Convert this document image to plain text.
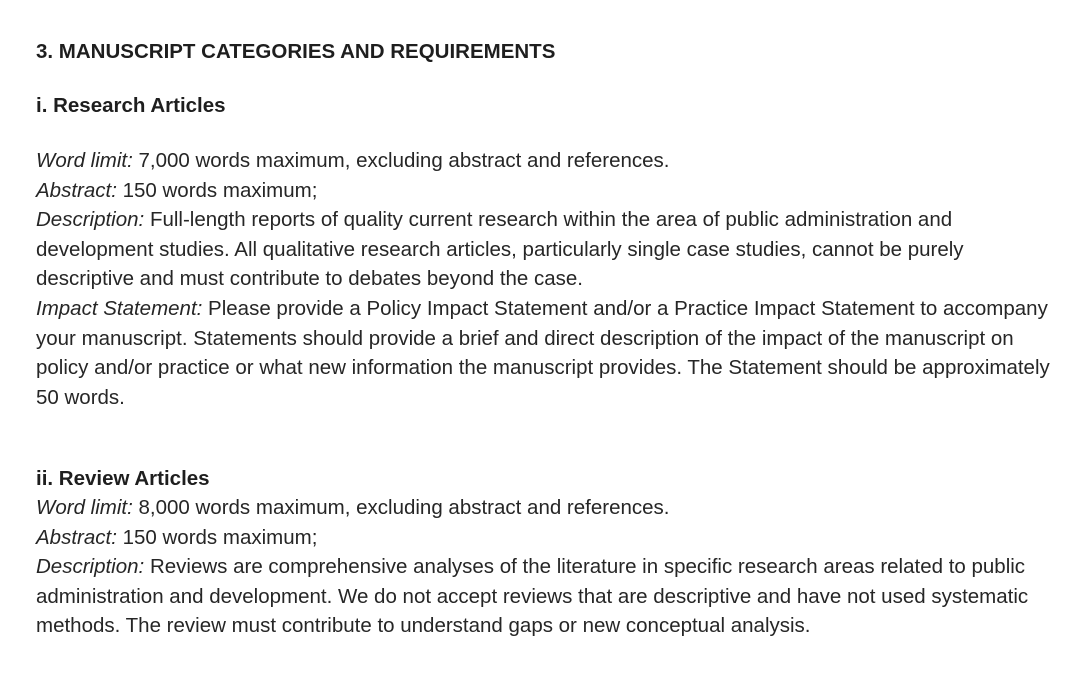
3. MANUSCRIPT CATEGORIES AND REQUIREMENTS
i. Research Articles

Word limit: 7,000 words maximum, excluding abstract and references.

Abstract: 150 words maximum;

Description: Full-length reports of quality current research within the area of public administration and development studies. All qualitative research articles, particularly single case studies, cannot be purely descriptive and must contribute to debates beyond the case.

Impact Statement: Please provide a Policy Impact Statement and/or a Practice Impact Statement to accompany your manuscript. Statements should provide a brief and direct description of the impact of the manuscript on policy and/or practice or what new information the manuscript provides. The Statement should be approximately 50 words.

ii. Review Articles

Word limit: 8,000 words maximum, excluding abstract and references.

Abstract: 150 words maximum;

Description: Reviews are comprehensive analyses of the literature in specific research areas related to public administration and development. We do not accept reviews that are descriptive and have not used systematic methods. The review must contribute to understand gaps or new conceptual analysis.
